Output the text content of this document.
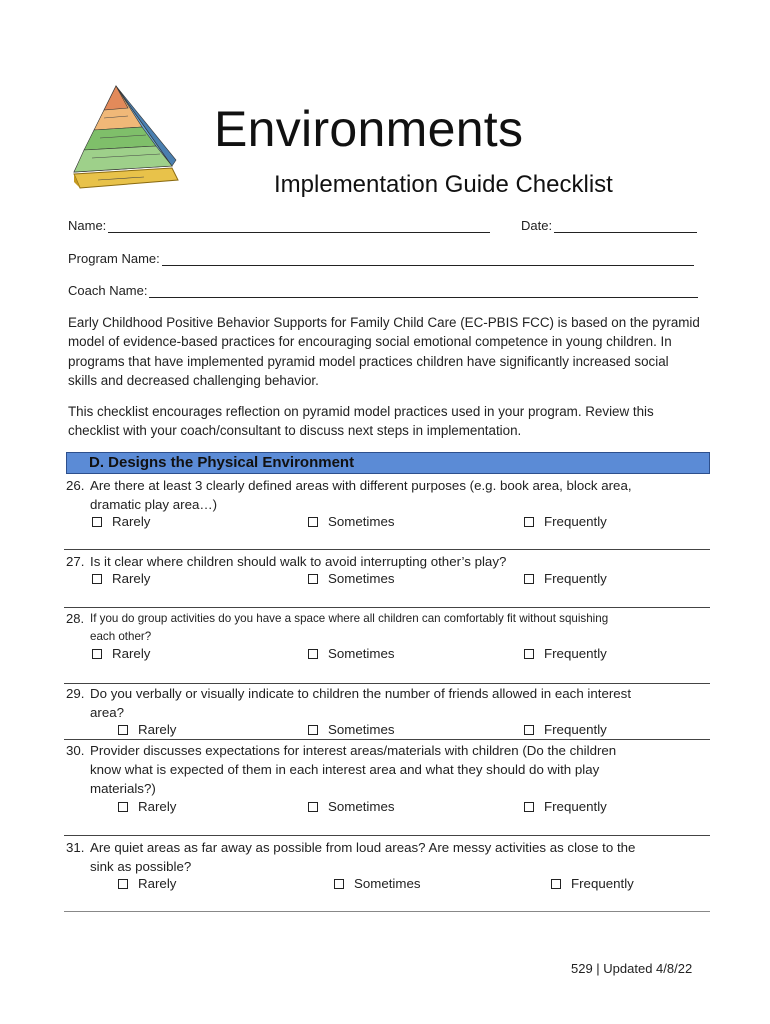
Environments
Implementation Guide Checklist
Name:	Date:
Program Name:
Coach Name:
Early Childhood Positive Behavior Supports for Family Child Care (EC-PBIS FCC) is based on the pyramid
model of evidence-based practices for encouraging social emotional competence in young children. In
programs that have implemented pyramid model practices children have significantly increased social
skills and decreased challenging behavior.
This checklist encourages reflection on pyramid model practices used in your program. Review this
checklist with your coach/consultant to discuss next steps in implementation.
D. Designs the Physical Environment
26. Are there at least 3 clearly defined areas with different purposes (e.g. book area, block area,
dramatic play area…)
Rarely	Sometimes	Frequently
27. Is it clear where children should walk to avoid interrupting other’s play?
Rarely	Sometimes	Frequently
28. If you do group activities do you have a space where all children can comfortably fit without squishing
each other?
Rarely	Sometimes	Frequently
29. Do you verbally or visually indicate to children the number of friends allowed in each interest
area?
Rarely	Sometimes	Frequently
30. Provider discusses expectations for interest areas/materials with children (Do the children
know what is expected of them in each interest area and what they should do with play
materials?)
Rarely	Sometimes	Frequently
31. Are quiet areas as far away as possible from loud areas? Are messy activities as close to the
sink as possible?
Rarely	Sometimes	Frequently
529 | Updated 4/8/22
